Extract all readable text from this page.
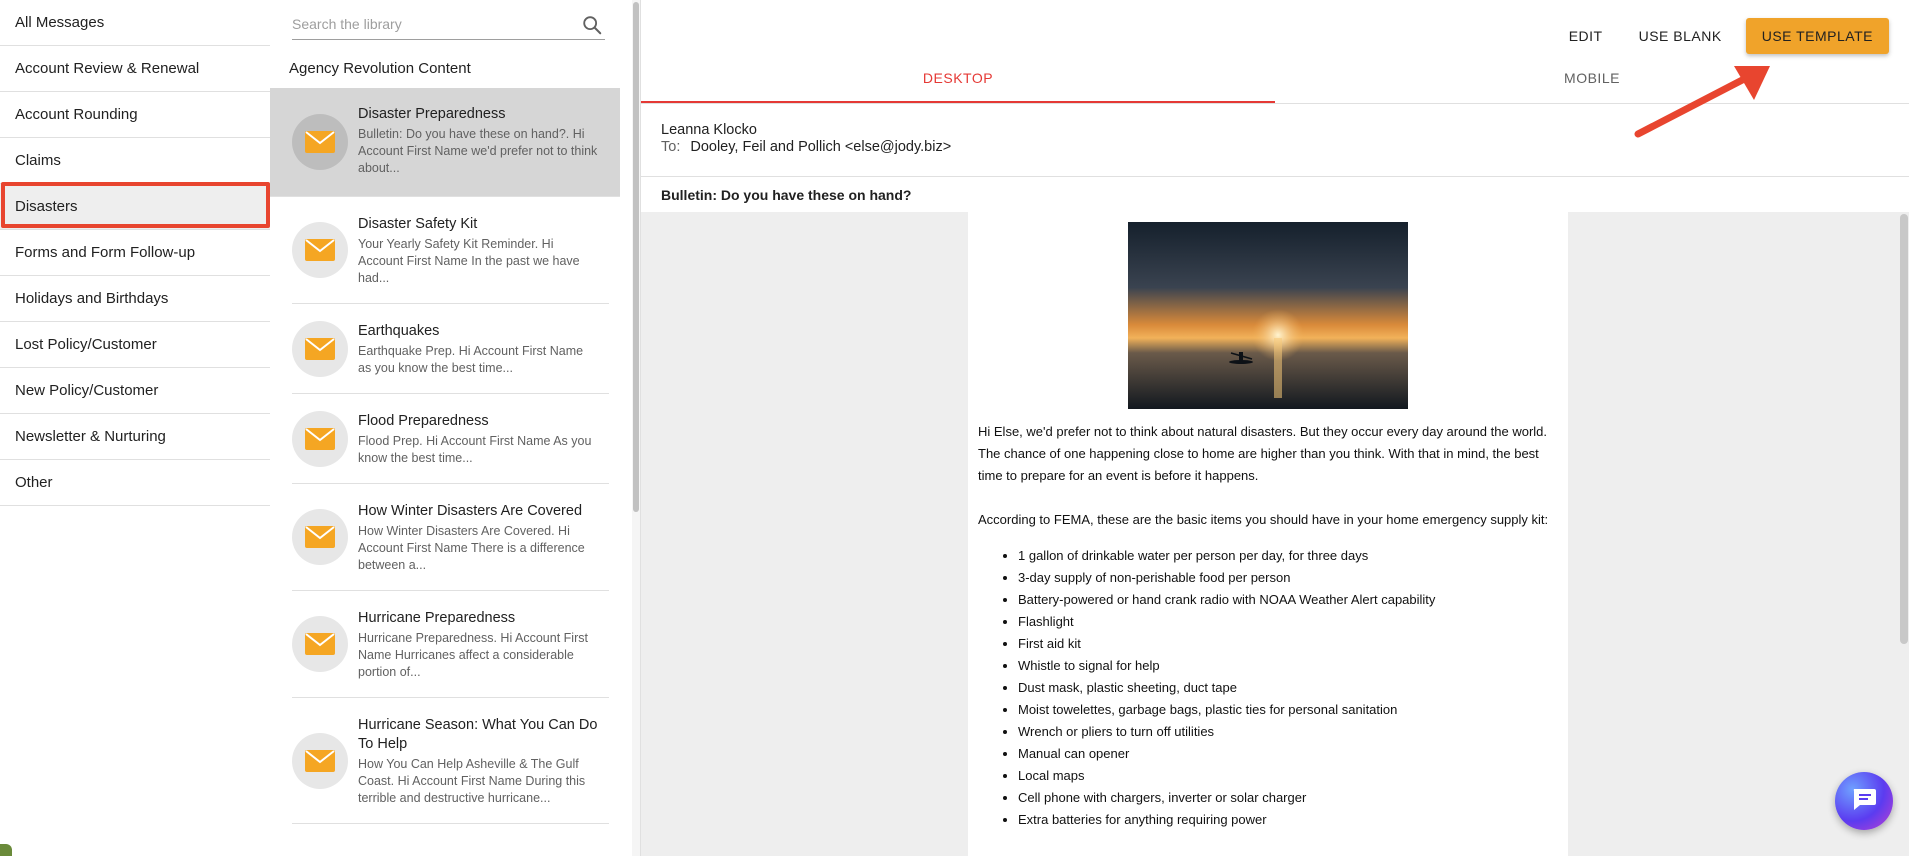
All Messages
Account Review & Renewal
Account Rounding
Claims
Disasters
Forms and Form Follow-up
Holidays and Birthdays
Lost Policy/Customer
New Policy/Customer
Newsletter & Nurturing
Other
Search the library
Agency Revolution Content
Disaster Preparedness
Bulletin: Do you have these on hand?. Hi Account First Name we'd prefer not to think about...
Disaster Safety Kit
Your Yearly Safety Kit Reminder. Hi Account First Name In the past we have had...
Earthquakes
Earthquake Prep. Hi Account First Name as you know the best time...
Flood Preparedness
Flood Prep. Hi Account First Name As you know the best time...
How Winter Disasters Are Covered
How Winter Disasters Are Covered. Hi Account First Name There is a difference between a...
Hurricane Preparedness
Hurricane Preparedness. Hi Account First Name Hurricanes affect a considerable portion of...
Hurricane Season: What You Can Do To Help
How You Can Help Asheville & The Gulf Coast. Hi Account First Name During this terrible and destructive hurricane...
EDIT	USE BLANK	USE TEMPLATE
DESKTOP	MOBILE
Leanna Klocko
To: Dooley, Feil and Pollich <else@jody.biz>
Bulletin: Do you have these on hand?

Hi Else, we'd prefer not to think about natural disasters. But they occur every day around the world. The chance of one happening close to home are higher than you think. With that in mind, the best time to prepare for an event is before it happens.

According to FEMA, these are the basic items you should have in your home emergency supply kit:

• 1 gallon of drinkable water per person per day, for three days
• 3-day supply of non-perishable food per person
• Battery-powered or hand crank radio with NOAA Weather Alert capability
• Flashlight
• First aid kit
• Whistle to signal for help
• Dust mask, plastic sheeting, duct tape
• Moist towelettes, garbage bags, plastic ties for personal sanitation
• Wrench or pliers to turn off utilities
• Manual can opener
• Local maps
• Cell phone with chargers, inverter or solar charger
• Extra batteries for anything requiring power
